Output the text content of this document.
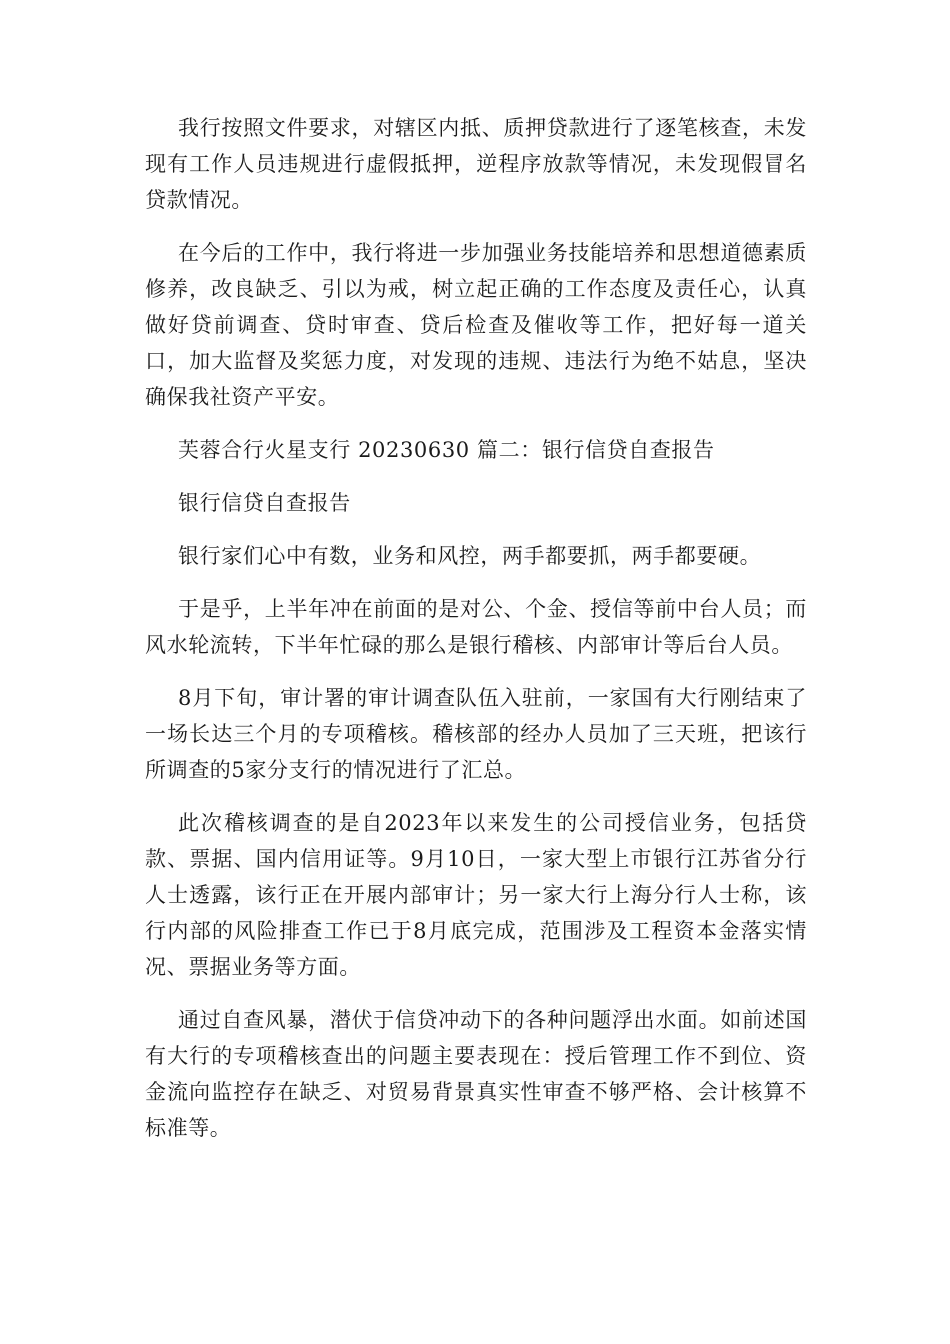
我行按照文件要求，对辖区内抵、质押贷款进行了逐笔核查，未发现有工作人员违规进行虚假抵押，逆程序放款等情况，未发现假冒名贷款情况。

在今后的工作中，我行将进一步加强业务技能培养和思想道德素质修养，改良缺乏、引以为戒，树立起正确的工作态度及责任心，认真做好贷前调查、贷时审查、贷后检查及催收等工作，把好每一道关口，加大监督及奖惩力度，对发现的违规、违法行为绝不姑息，坚决确保我社资产平安。

芙蓉合行火星支行 20230630 篇二：银行信贷自查报告

银行信贷自查报告

银行家们心中有数，业务和风控，两手都要抓，两手都要硬。

于是乎，上半年冲在前面的是对公、个金、授信等前中台人员；而风水轮流转，下半年忙碌的那么是银行稽核、内部审计等后台人员。

8月下旬，审计署的审计调查队伍入驻前，一家国有大行刚结束了一场长达三个月的专项稽核。稽核部的经办人员加了三天班，把该行所调查的5家分支行的情况进行了汇总。

此次稽核调查的是自2023年以来发生的公司授信业务，包括贷款、票据、国内信用证等。9月10日，一家大型上市银行江苏省分行人士透露，该行正在开展内部审计；另一家大行上海分行人士称，该行内部的风险排查工作已于8月底完成，范围涉及工程资本金落实情况、票据业务等方面。

通过自查风暴，潜伏于信贷冲动下的各种问题浮出水面。如前述国有大行的专项稽核查出的问题主要表现在：授后管理工作不到位、资金流向监控存在缺乏、对贸易背景真实性审查不够严格、会计核算不标准等。
